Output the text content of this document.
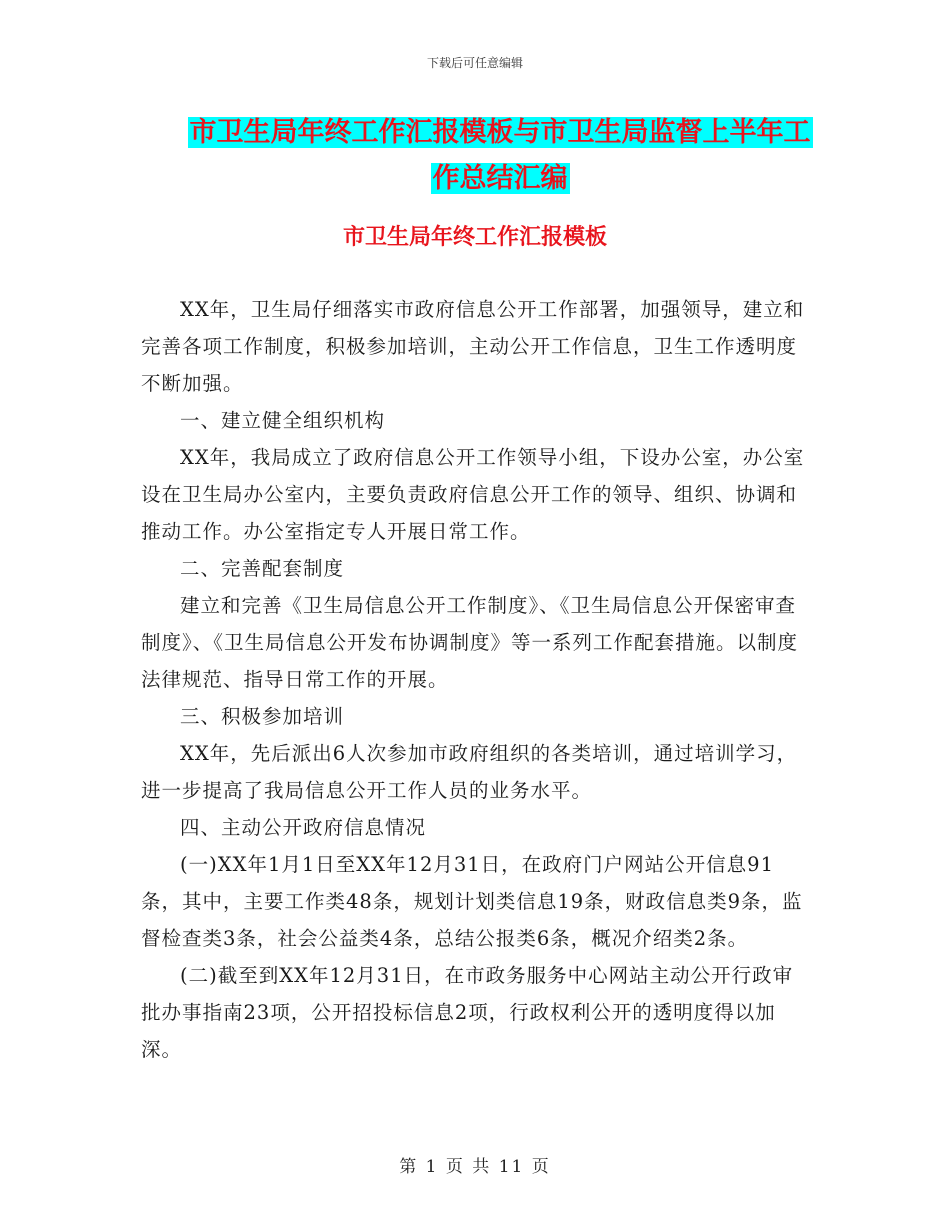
下载后可任意编辑
市卫生局年终工作汇报模板与市卫生局监督上半年工
作总结汇编
市卫生局年终工作汇报模板

XX年，卫生局仔细落实市政府信息公开工作部署，加强领导，建立和完善各项工作制度，积极参加培训，主动公开工作信息，卫生工作透明度不断加强。

一、建立健全组织机构

XX年，我局成立了政府信息公开工作领导小组，下设办公室，办公室设在卫生局办公室内，主要负责政府信息公开工作的领导、组织、协调和推动工作。办公室指定专人开展日常工作。

二、完善配套制度

建立和完善《卫生局信息公开工作制度》、《卫生局信息公开保密审查制度》、《卫生局信息公开发布协调制度》等一系列工作配套措施。以制度法律规范、指导日常工作的开展。

三、积极参加培训

XX年，先后派出6人次参加市政府组织的各类培训，通过培训学习，进一步提高了我局信息公开工作人员的业务水平。

四、主动公开政府信息情况

(一)XX年1月1日至XX年12月31日，在政府门户网站公开信息91条，其中，主要工作类48条，规划计划类信息19条，财政信息类9条，监督检查类3条，社会公益类4条，总结公报类6条，概况介绍类2条。

(二)截至到XX年12月31日，在市政务服务中心网站主动公开行政审批办事指南23项，公开招投标信息2项，行政权利公开的透明度得以加深。

第 1 页 共 11 页
